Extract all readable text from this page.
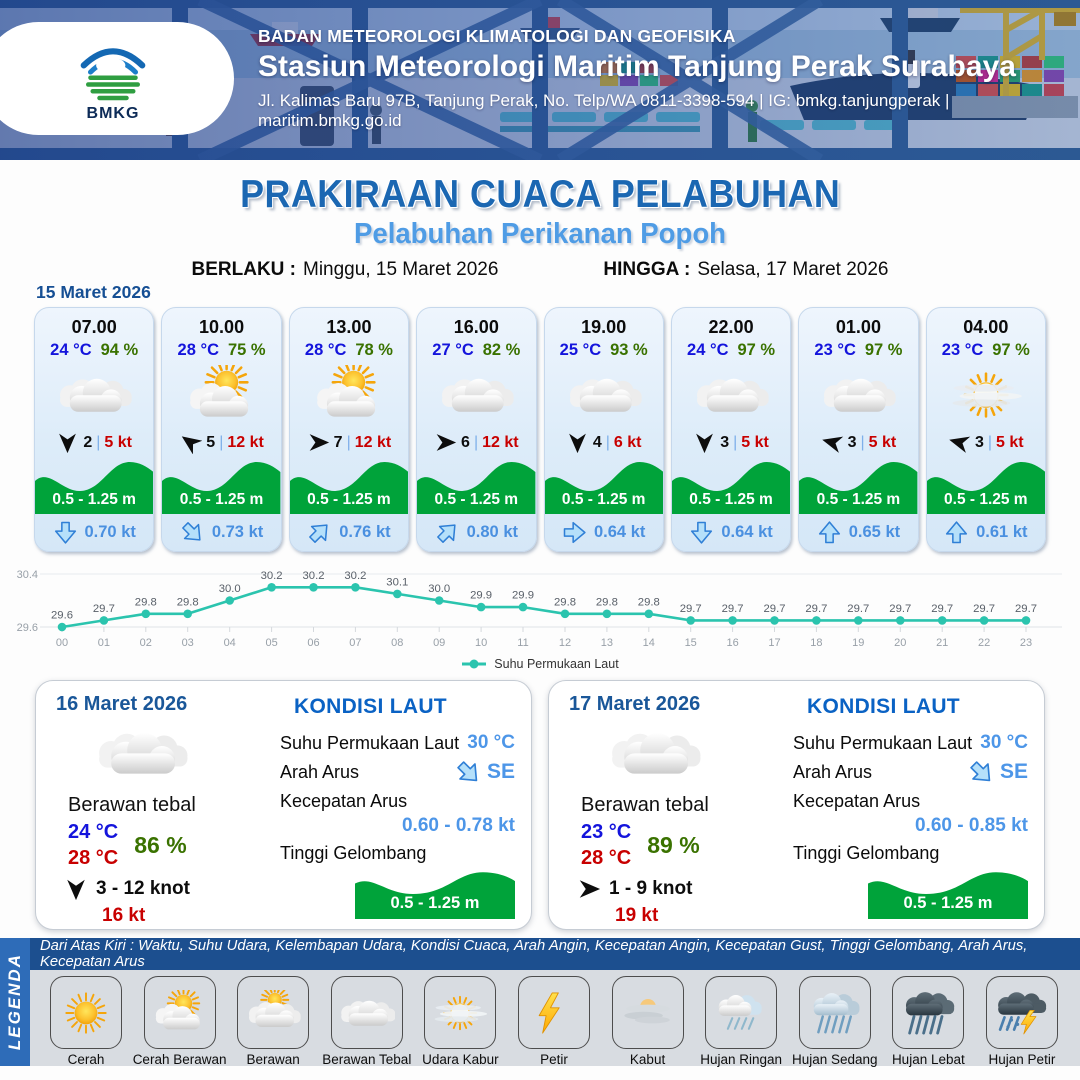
BMKG
BADAN METEOROLOGI KLIMATOLOGI DAN GEOFISIKA
Stasiun Meteorologi Maritim Tanjung Perak Surabaya
Jl. Kalimas Baru 97B, Tanjung Perak, No. Telp/WA 0811-3398-594 | IG: bmkg.tanjungperak | maritim.bmkg.go.id
PRAKIRAAN CUACA PELABUHAN
Pelabuhan Perikanan Popoh
BERLAKU : Minggu, 15 Maret 2026	HINGGA : Selasa, 17 Maret 2026
15 Maret 2026
07.00
24 °C 94 %
2 | 5 kt
0.5 - 1.25 m
0.70 kt
10.00
28 °C 75 %
5 | 12 kt
0.5 - 1.25 m
0.73 kt
13.00
28 °C 78 %
7 | 12 kt
0.5 - 1.25 m
0.76 kt
16.00
27 °C 82 %
6 | 12 kt
0.5 - 1.25 m
0.80 kt
19.00
25 °C 93 %
4 | 6 kt
0.5 - 1.25 m
0.64 kt
22.00
24 °C 97 %
3 | 5 kt
0.5 - 1.25 m
0.64 kt
01.00
23 °C 97 %
3 | 5 kt
0.5 - 1.25 m
0.65 kt
04.00
23 °C 97 %
3 | 5 kt
0.5 - 1.25 m
0.61 kt
30.4
29.6
29.6
29.7
29.8 29.8
30.0
30.2 30.2 30.2
30.1
30.0
29.9 29.9
29.8 29.8 29.8
29.7 29.7 29.7 29.7 29.7 29.7 29.7 29.7 29.7
00	01	02	03	04	05	06	07	08	09	10	11	12	13	14	15	16	17	18	19	20	21	22	23
Suhu Permukaan Laut
16 Maret 2026
Berawan tebal
24 °C
28 °C
86 %
3 - 12 knot
16 kt
KONDISI LAUT
Suhu Permukaan Laut 30 °C
Arah Arus	SE
Kecepatan Arus
0.60 - 0.78 kt
Tinggi Gelombang
0.5 - 1.25 m
17 Maret 2026
Berawan tebal
23 °C
28 °C
89 %
1 - 9 knot
19 kt
KONDISI LAUT
Suhu Permukaan Laut 30 °C
Arah Arus	SE
Kecepatan Arus
0.60 - 0.85 kt
Tinggi Gelombang
0.5 - 1.25 m
LEGENDA
Dari Atas Kiri : Waktu, Suhu Udara, Kelembapan Udara, Kondisi Cuaca, Arah Angin, Kecepatan Angin, Kecepatan Gust, Tinggi Gelombang, Arah Arus, Kecepatan Arus
Cerah Cerah Berawan Berawan Berawan Tebal Udara Kabur	Petir	Kabut	Hujan Ringan Hujan Sedang Hujan Lebat Hujan Petir
